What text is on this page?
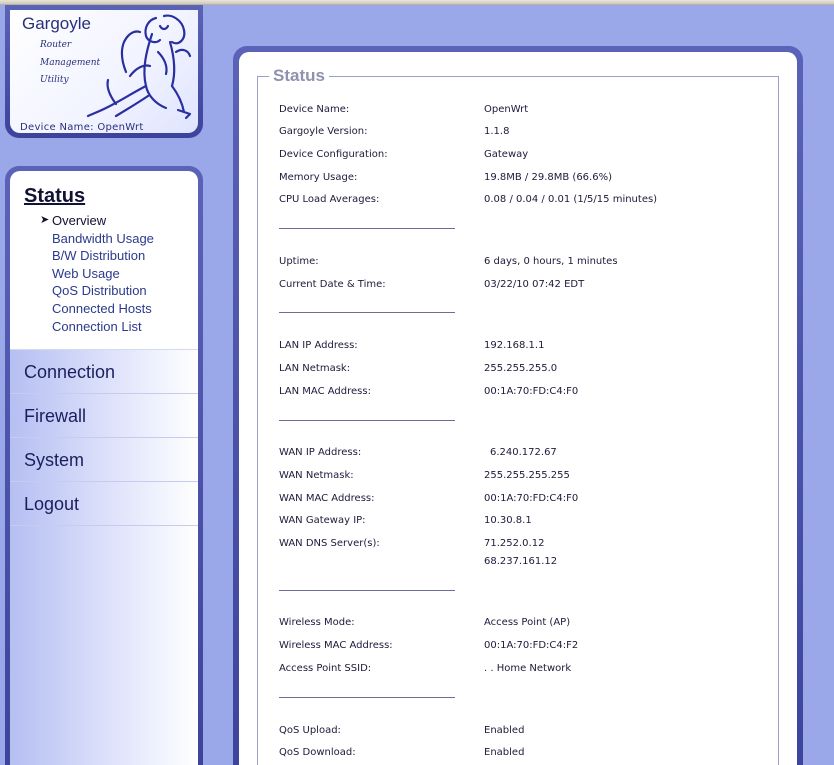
Gargoyle
Router
Management
Utility
Device Name: OpenWrt
Status
➤ Overview
Bandwidth Usage
B/W Distribution
Web Usage
QoS Distribution
Connected Hosts
Connection List
Connection
Firewall
System
Logout
Status
Device Name:	OpenWrt
Gargoyle Version:	1.1.8
Device Configuration:	Gateway
Memory Usage:	19.8MB / 29.8MB (66.6%)
CPU Load Averages:	0.08 / 0.04 / 0.01 (1/5/15 minutes)
Uptime:	6 days, 0 hours, 1 minutes
Current Date & Time:	03/22/10 07:42 EDT
LAN IP Address:	192.168.1.1
LAN Netmask:	255.255.255.0
LAN MAC Address:	00:1A:70:FD:C4:F0
WAN IP Address:	6.240.172.67
WAN Netmask:	255.255.255.255
WAN MAC Address:	00:1A:70:FD:C4:F0
WAN Gateway IP:	10.30.8.1
WAN DNS Server(s):	71.252.0.12
68.237.161.12
Wireless Mode:	Access Point (AP)
Wireless MAC Address:	00:1A:70:FD:C4:F2
Access Point SSID:	. . Home Network
QoS Upload:	Enabled
QoS Download:	Enabled
